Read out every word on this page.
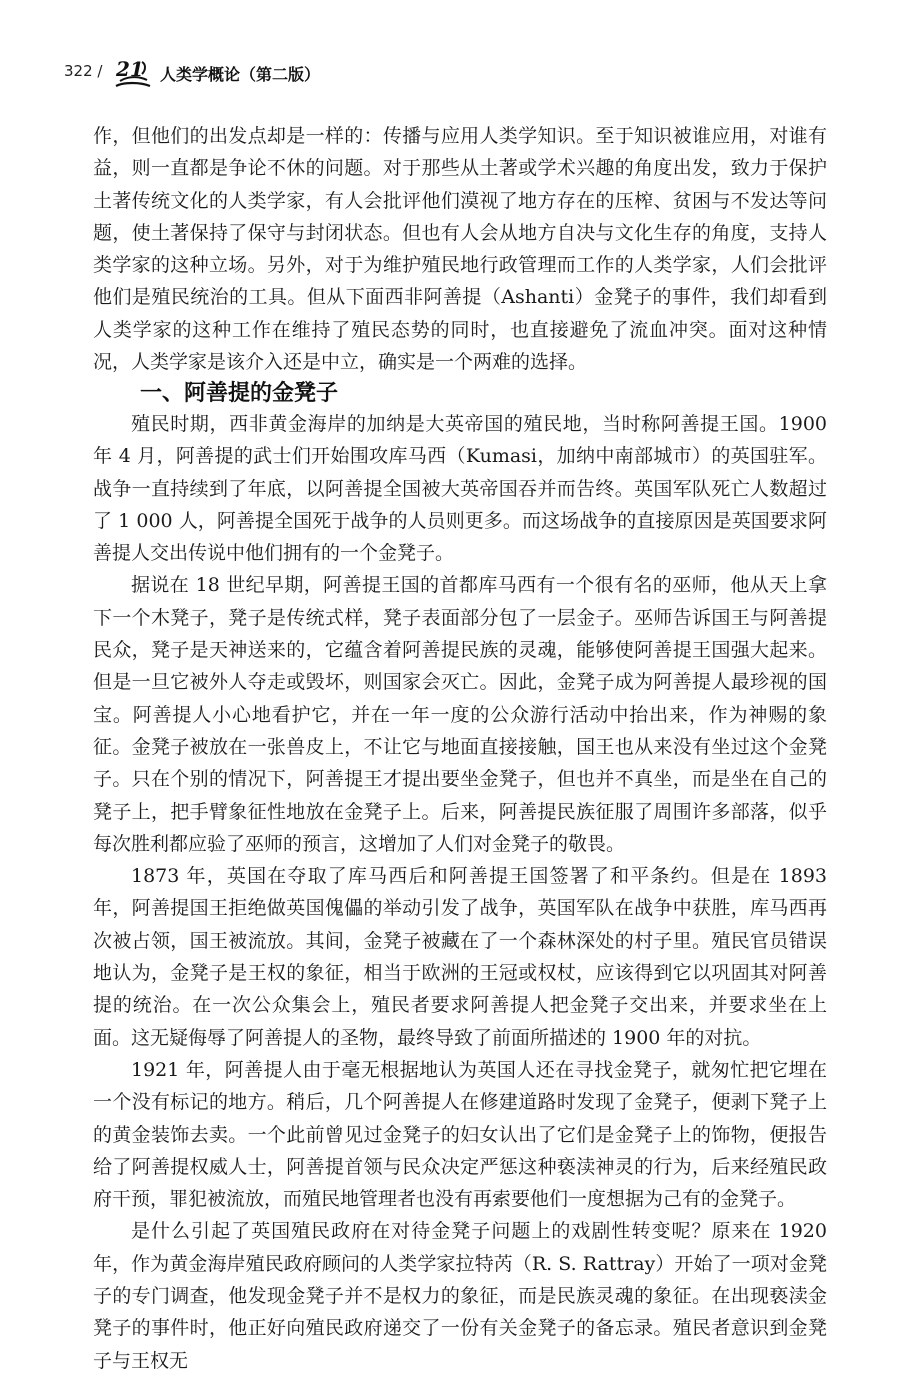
322 / 21 人类学概论（第二版）

作，但他们的出发点却是一样的：传播与应用人类学知识。至于知识被谁应用，对谁有益，则一直都是争论不休的问题。对于那些从土著或学术兴趣的角度出发，致力于保护土著传统文化的人类学家，有人会批评他们漠视了地方存在的压榨、贫困与不发达等问题，使土著保持了保守与封闭状态。但也有人会从地方自决与文化生存的角度，支持人类学家的这种立场。另外，对于为维护殖民地行政管理而工作的人类学家，人们会批评他们是殖民统治的工具。但从下面西非阿善提（Ashanti）金凳子的事件，我们却看到人类学家的这种工作在维持了殖民态势的同时，也直接避免了流血冲突。面对这种情况，人类学家是该介入还是中立，确实是一个两难的选择。

一、阿善提的金凳子

殖民时期，西非黄金海岸的加纳是大英帝国的殖民地，当时称阿善提王国。1900 年 4 月，阿善提的武士们开始围攻库马西（Kumasi，加纳中南部城市）的英国驻军。战争一直持续到了年底，以阿善提全国被大英帝国吞并而告终。英国军队死亡人数超过了 1 000 人，阿善提全国死于战争的人员则更多。而这场战争的直接原因是英国要求阿善提人交出传说中他们拥有的一个金凳子。

据说在 18 世纪早期，阿善提王国的首都库马西有一个很有名的巫师，他从天上拿下一个木凳子，凳子是传统式样，凳子表面部分包了一层金子。巫师告诉国王与阿善提民众，凳子是天神送来的，它蕴含着阿善提民族的灵魂，能够使阿善提王国强大起来。但是一旦它被外人夺走或毁坏，则国家会灭亡。因此，金凳子成为阿善提人最珍视的国宝。阿善提人小心地看护它，并在一年一度的公众游行活动中抬出来，作为神赐的象征。金凳子被放在一张兽皮上，不让它与地面直接接触，国王也从来没有坐过这个金凳子。只在个别的情况下，阿善提王才提出要坐金凳子，但也并不真坐，而是坐在自己的凳子上，把手臂象征性地放在金凳子上。后来，阿善提民族征服了周围许多部落，似乎每次胜利都应验了巫师的预言，这增加了人们对金凳子的敬畏。

1873 年，英国在夺取了库马西后和阿善提王国签署了和平条约。但是在 1893 年，阿善提国王拒绝做英国傀儡的举动引发了战争，英国军队在战争中获胜，库马西再次被占领，国王被流放。其间，金凳子被藏在了一个森林深处的村子里。殖民官员错误地认为，金凳子是王权的象征，相当于欧洲的王冠或权杖，应该得到它以巩固其对阿善提的统治。在一次公众集会上，殖民者要求阿善提人把金凳子交出来，并要求坐在上面。这无疑侮辱了阿善提人的圣物，最终导致了前面所描述的 1900 年的对抗。

1921 年，阿善提人由于毫无根据地认为英国人还在寻找金凳子，就匆忙把它埋在一个没有标记的地方。稍后，几个阿善提人在修建道路时发现了金凳子，便剥下凳子上的黄金装饰去卖。一个此前曾见过金凳子的妇女认出了它们是金凳子上的饰物，便报告给了阿善提权威人士，阿善提首领与民众决定严惩这种亵渎神灵的行为，后来经殖民政府干预，罪犯被流放，而殖民地管理者也没有再索要他们一度想据为己有的金凳子。

是什么引起了英国殖民政府在对待金凳子问题上的戏剧性转变呢？原来在 1920 年，作为黄金海岸殖民政府顾问的人类学家拉特芮（R. S. Rattray）开始了一项对金凳子的专门调查，他发现金凳子并不是权力的象征，而是民族灵魂的象征。在出现亵渎金凳子的事件时，他正好向殖民政府递交了一份有关金凳子的备忘录。殖民者意识到金凳子与王权无
